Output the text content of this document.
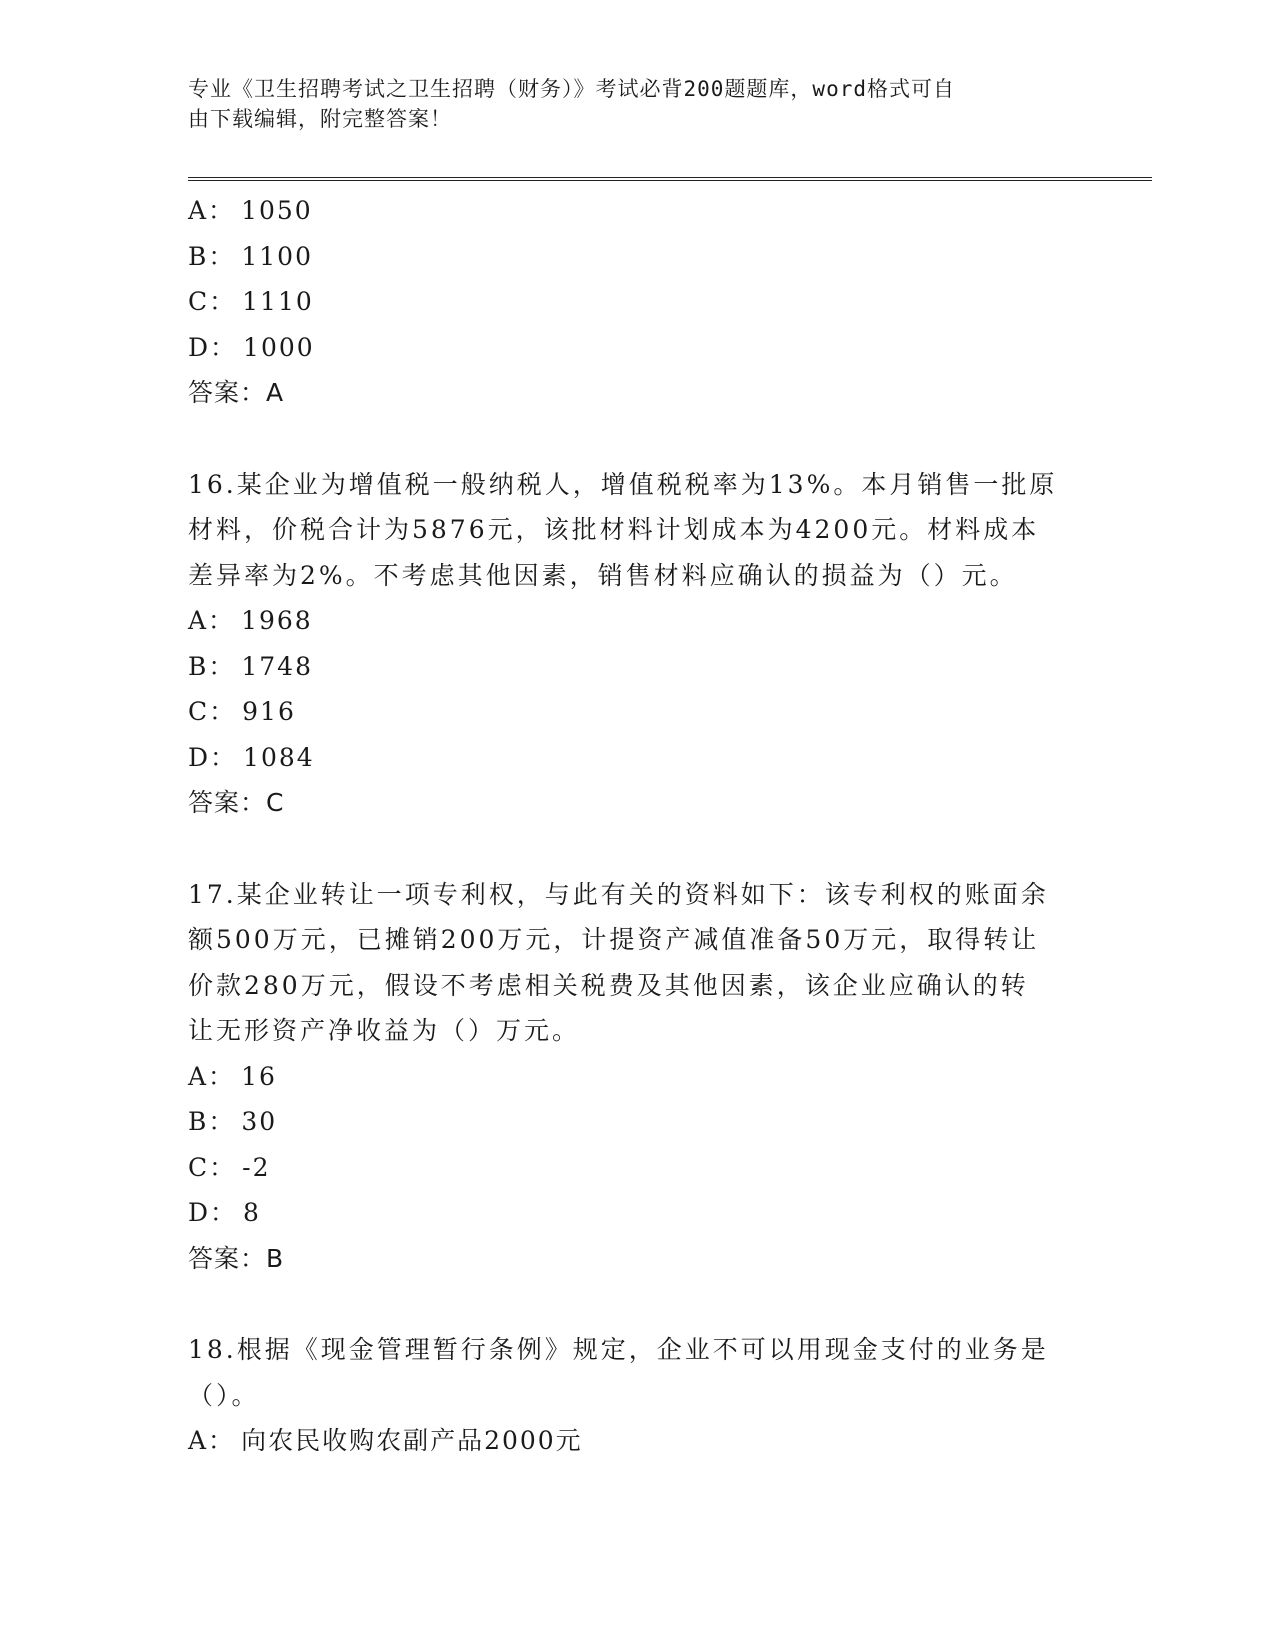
专业《卫生招聘考试之卫生招聘（财务）》考试必背200题题库，word格式可自
由下载编辑，附完整答案！
A： 1050
B： 1100
C： 1110
D： 1000
答案：A
16.某企业为增值税一般纳税人，增值税税率为13%。本月销售一批原
材料，价税合计为5876元，该批材料计划成本为4200元。材料成本
差异率为2%。不考虑其他因素，销售材料应确认的损益为（）元。
A： 1968
B： 1748
C： 916
D： 1084
答案：C
17.某企业转让一项专利权，与此有关的资料如下：该专利权的账面余
额500万元，已摊销200万元，计提资产减值准备50万元，取得转让
价款280万元，假设不考虑相关税费及其他因素，该企业应确认的转
让无形资产净收益为（）万元。
A： 16
B： 30
C： -2
D： 8
答案：B
18.根据《现金管理暂行条例》规定，企业不可以用现金支付的业务是
（）。
A： 向农民收购农副产品2000元
